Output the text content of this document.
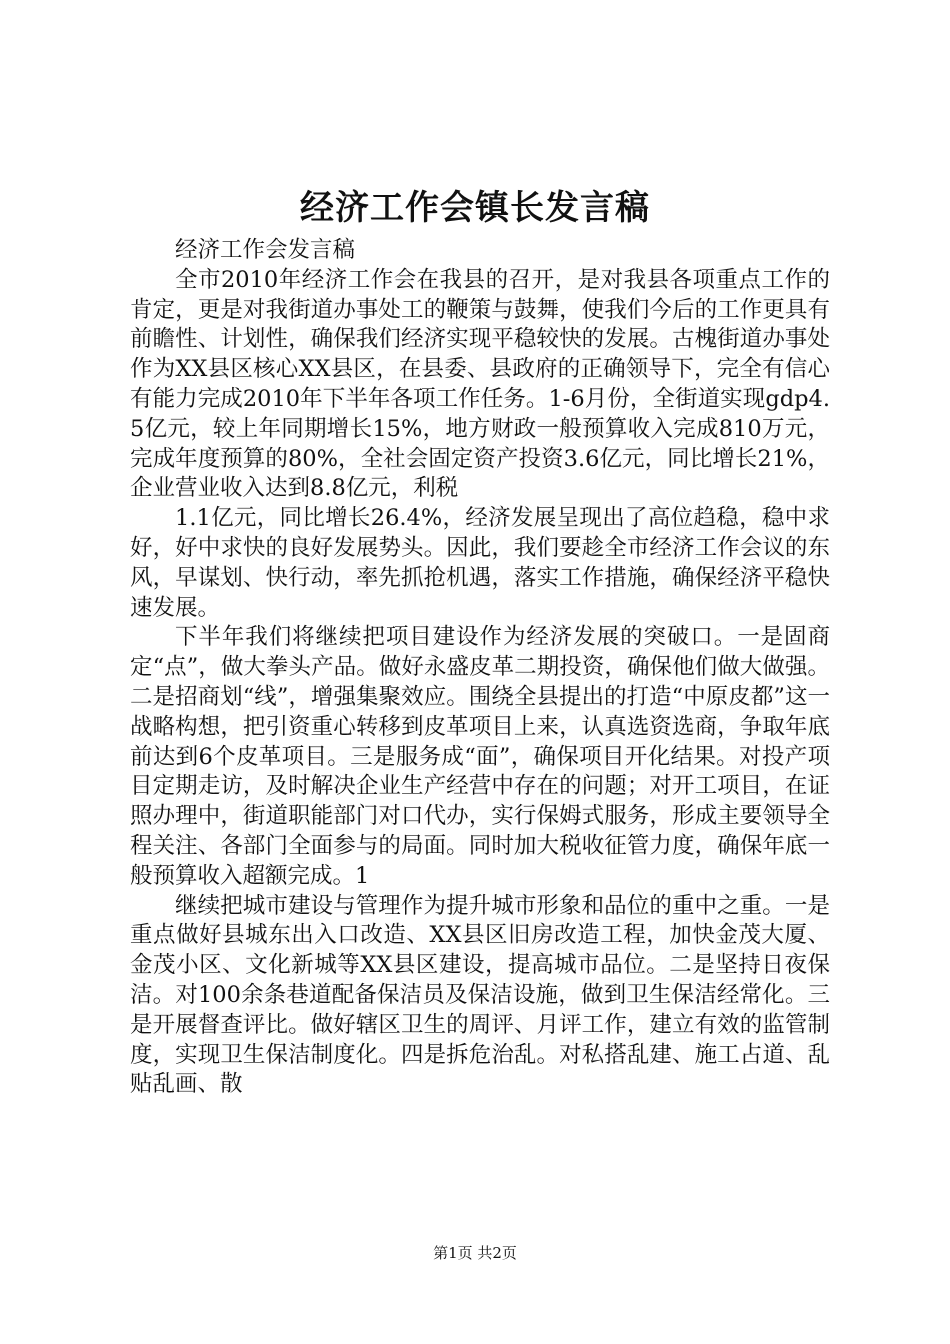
经济工作会镇长发言稿

经济工作会发言稿

全市2010年经济工作会在我县的召开，是对我县各项重点工作的肯定，更是对我街道办事处工的鞭策与鼓舞，使我们今后的工作更具有前瞻性、计划性，确保我们经济实现平稳较快的发展。古槐街道办事处作为XX县区核心XX县区，在县委、县政府的正确领导下，完全有信心有能力完成2010年下半年各项工作任务。1-6月份，全街道实现gdp4.5亿元，较上年同期增长15%，地方财政一般预算收入完成810万元，完成年度预算的80%，全社会固定资产投资3.6亿元，同比增长21%，企业营业收入达到8.8亿元，利税

1.1亿元，同比增长26.4%，经济发展呈现出了高位趋稳，稳中求好，好中求快的良好发展势头。因此，我们要趁全市经济工作会议的东风，早谋划、快行动，率先抓抢机遇，落实工作措施，确保经济平稳快速发展。

下半年我们将继续把项目建设作为经济发展的突破口。一是固商定“点”，做大拳头产品。做好永盛皮革二期投资，确保他们做大做强。二是招商划“线”，增强集聚效应。围绕全县提出的打造“中原皮都”这一战略构想，把引资重心转移到皮革项目上来，认真选资选商，争取年底前达到6个皮革项目。三是服务成“面”，确保项目开化结果。对投产项目定期走访，及时解决企业生产经营中存在的问题；对开工项目，在证照办理中，街道职能部门对口代办，实行保姆式服务，形成主要领导全程关注、各部门全面参与的局面。同时加大税收征管力度，确保年底一般预算收入超额完成。1

继续把城市建设与管理作为提升城市形象和品位的重中之重。一是重点做好县城东出入口改造、XX县区旧房改造工程，加快金茂大厦、金茂小区、文化新城等XX县区建设，提高城市品位。二是坚持日夜保洁。对100余条巷道配备保洁员及保洁设施，做到卫生保洁经常化。三是开展督查评比。做好辖区卫生的周评、月评工作，建立有效的监管制度，实现卫生保洁制度化。四是拆危治乱。对私搭乱建、施工占道、乱贴乱画、散

第1页 共2页
